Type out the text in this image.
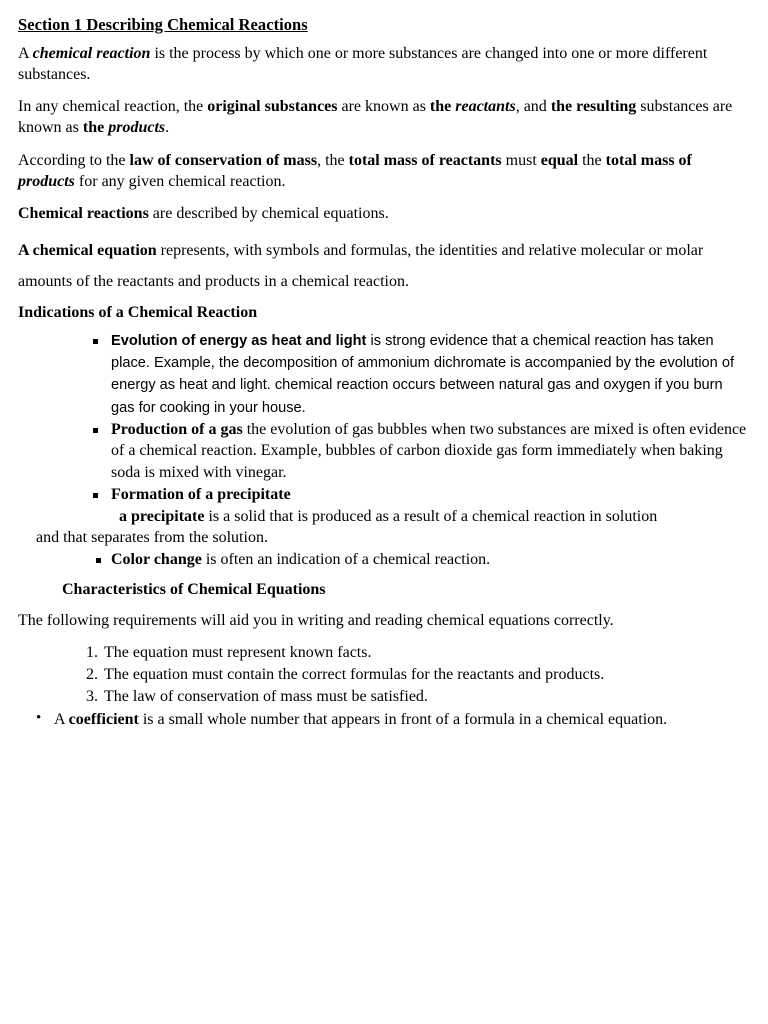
Section 1 Describing Chemical Reactions

A chemical reaction is the process by which one or more substances are changed into one or more different substances.

In any chemical reaction, the original substances are known as the reactants, and the resulting substances are known as the products.

According to the law of conservation of mass, the total mass of reactants must equal the total mass of products for any given chemical reaction.

Chemical reactions are described by chemical equations.

A chemical equation represents, with symbols and formulas, the identities and relative molecular or molar amounts of the reactants and products in a chemical reaction.

Indications of a Chemical Reaction
Evolution of energy as heat and light is strong evidence that a chemical reaction has taken place. Example, the decomposition of ammonium dichromate is accompanied by the evolution of energy as heat and light. chemical reaction occurs between natural gas and oxygen if you burn gas for cooking in your house.
Production of a gas the evolution of gas bubbles when two substances are mixed is often evidence of a chemical reaction. Example, bubbles of carbon dioxide gas form immediately when baking soda is mixed with vinegar.
Formation of a precipitate
a precipitate is a solid that is produced as a result of a chemical reaction in solution
and that separates from the solution.
Color change is often an indication of a chemical reaction.
Characteristics of Chemical Equations

The following requirements will aid you in writing and reading chemical equations correctly.

1. The equation must represent known facts.
2. The equation must contain the correct formulas for the reactants and products.
3. The law of conservation of mass must be satisfied.
• A coefficient is a small whole number that appears in front of a formula in a chemical equation.
